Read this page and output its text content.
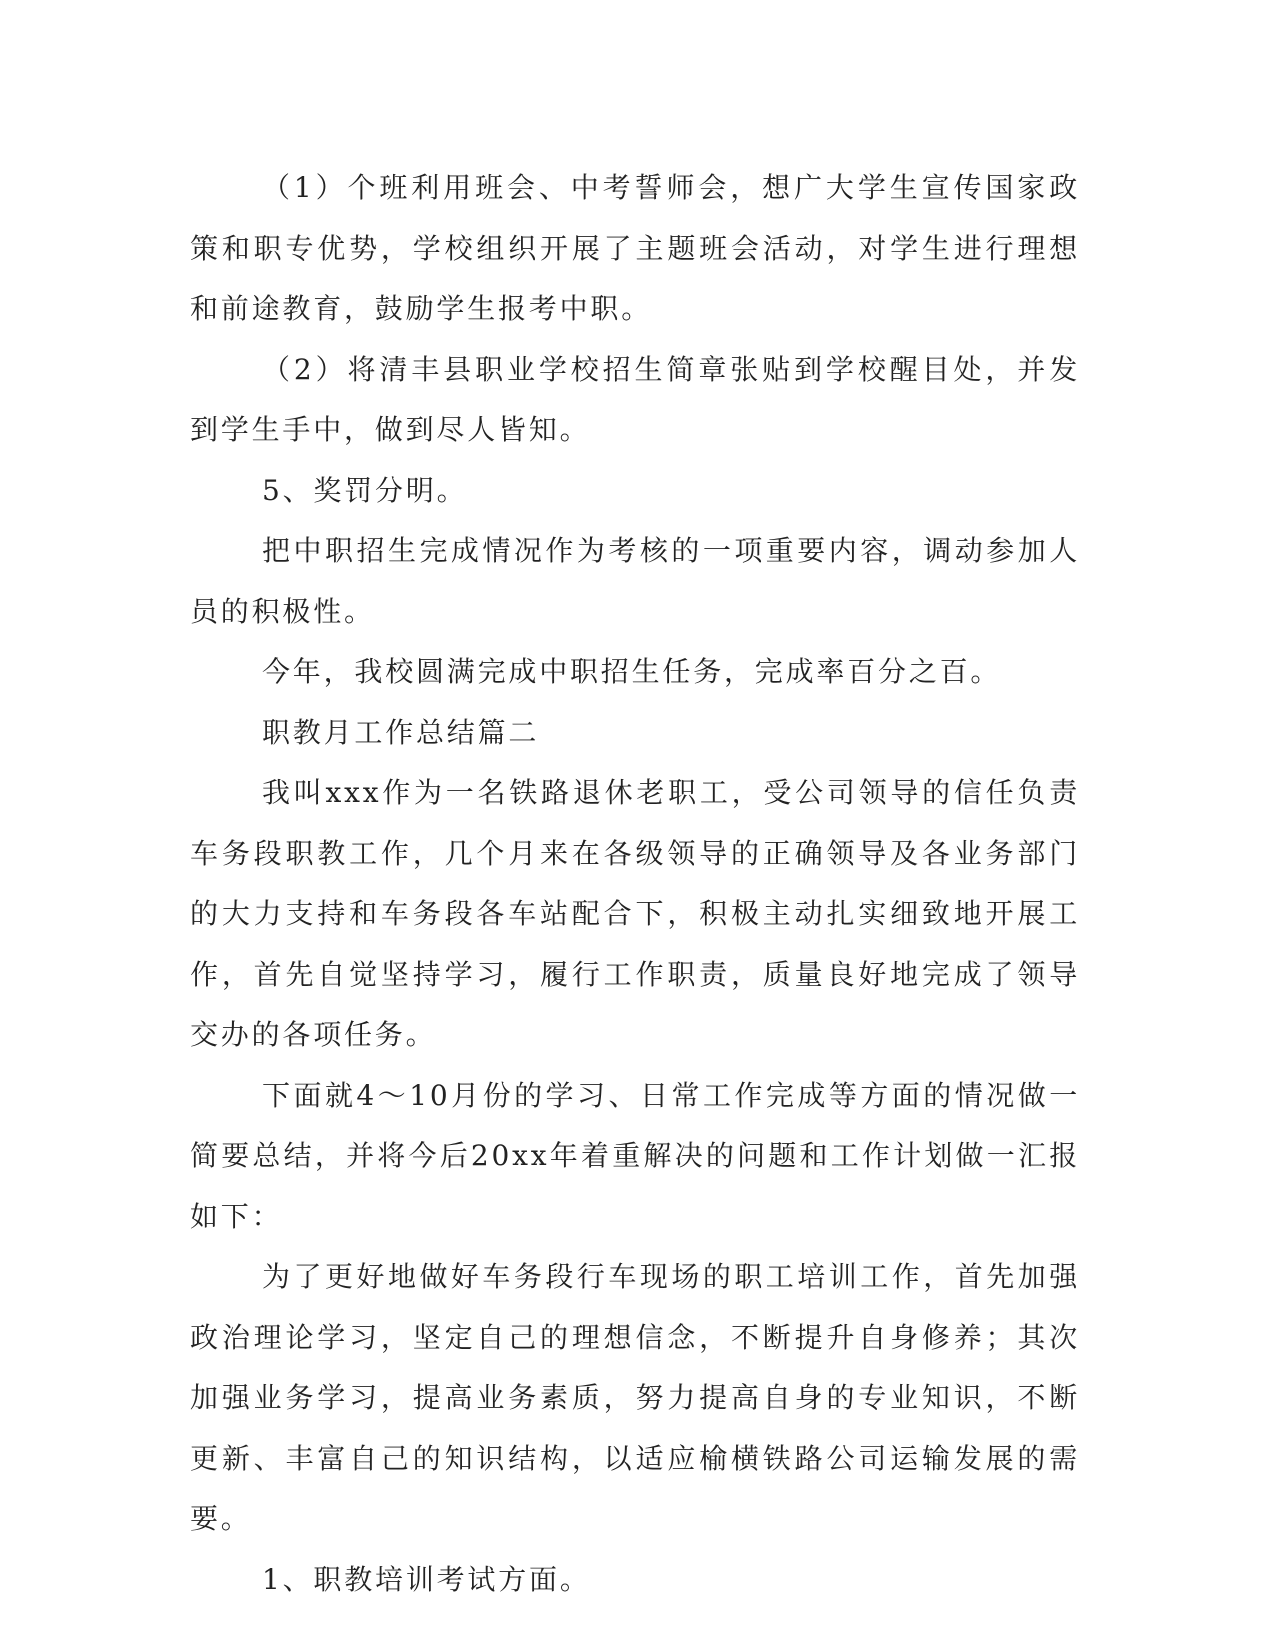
（1）个班利用班会、中考誓师会，想广大学生宣传国家政策和职专优势，学校组织开展了主题班会活动，对学生进行理想和前途教育，鼓励学生报考中职。

（2）将清丰县职业学校招生简章张贴到学校醒目处，并发到学生手中，做到尽人皆知。

5、奖罚分明。

把中职招生完成情况作为考核的一项重要内容，调动参加人员的积极性。

今年，我校圆满完成中职招生任务，完成率百分之百。

职教月工作总结篇二

我叫xxx作为一名铁路退休老职工，受公司领导的信任负责车务段职教工作，几个月来在各级领导的正确领导及各业务部门的大力支持和车务段各车站配合下，积极主动扎实细致地开展工作，首先自觉坚持学习，履行工作职责，质量良好地完成了领导交办的各项任务。

下面就4～10月份的学习、日常工作完成等方面的情况做一简要总结，并将今后20xx年着重解决的问题和工作计划做一汇报如下：

为了更好地做好车务段行车现场的职工培训工作，首先加强政治理论学习，坚定自己的理想信念，不断提升自身修养；其次加强业务学习，提高业务素质，努力提高自身的专业知识，不断更新、丰富自己的知识结构，以适应榆横铁路公司运输发展的需要。

1、职教培训考试方面。
